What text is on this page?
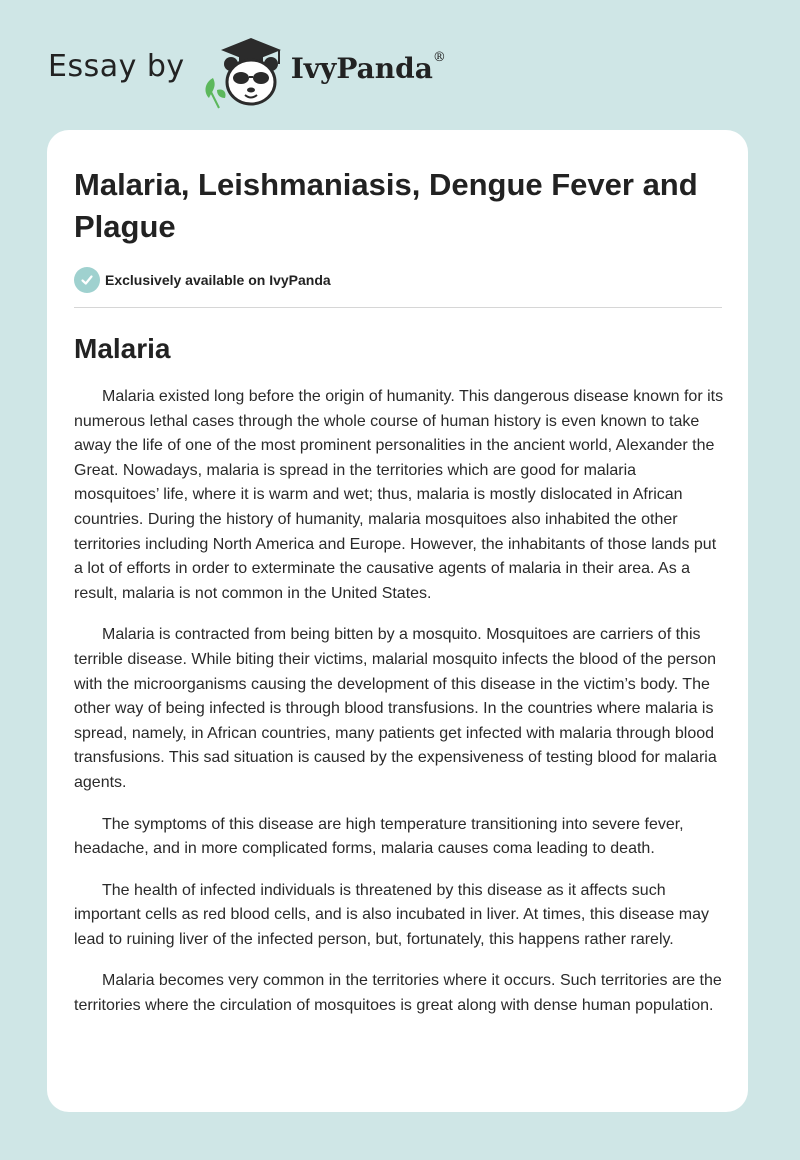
Essay by	IvyPanda®
Malaria, Leishmaniasis, Dengue Fever and Plague
Exclusively available on IvyPanda
Malaria

Malaria existed long before the origin of humanity. This dangerous disease known for its numerous lethal cases through the whole course of human history is even known to take away the life of one of the most prominent personalities in the ancient world, Alexander the Great. Nowadays, malaria is spread in the territories which are good for malaria mosquitoes’ life, where it is warm and wet; thus, malaria is mostly dislocated in African countries. During the history of humanity, malaria mosquitoes also inhabited the other territories including North America and Europe. However, the inhabitants of those lands put a lot of efforts in order to exterminate the causative agents of malaria in their area. As a result, malaria is not common in the United States.

Malaria is contracted from being bitten by a mosquito. Mosquitoes are carriers of this terrible disease. While biting their victims, malarial mosquito infects the blood of the person with the microorganisms causing the development of this disease in the victim’s body. The other way of being infected is through blood transfusions. In the countries where malaria is spread, namely, in African countries, many patients get infected with malaria through blood transfusions. This sad situation is caused by the expensiveness of testing blood for malaria agents.

The symptoms of this disease are high temperature transitioning into severe fever, headache, and in more complicated forms, malaria causes coma leading to death.

The health of infected individuals is threatened by this disease as it affects such important cells as red blood cells, and is also incubated in liver. At times, this disease may lead to ruining liver of the infected person, but, fortunately, this happens rather rarely.

Malaria becomes very common in the territories where it occurs. Such territories are the territories where the circulation of mosquitoes is great along with dense human population.
